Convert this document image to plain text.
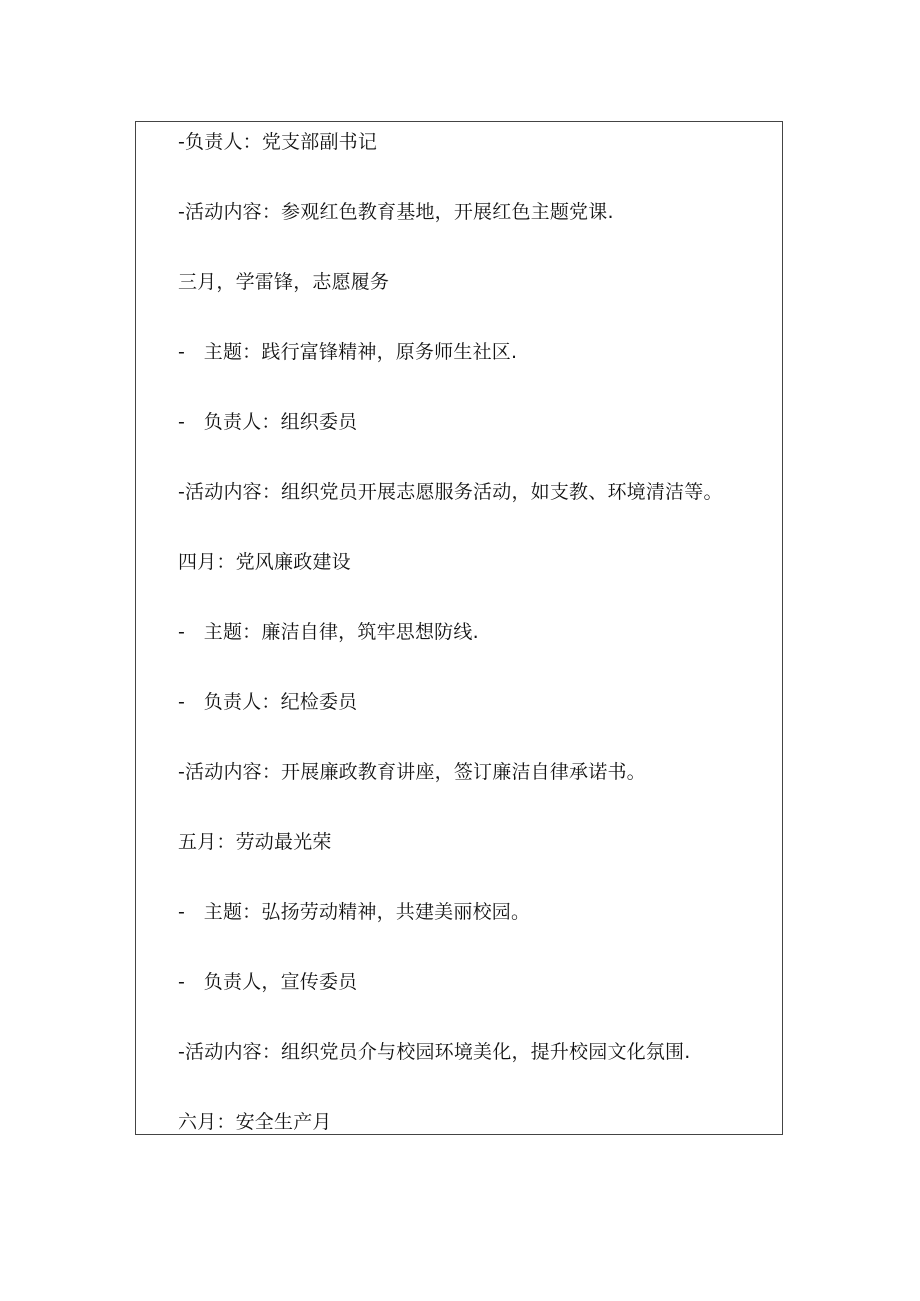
-负责人：党支部副书记
-活动内容：参观红色教育基地，开展红色主题党课.
三月，学雷锋，志愿履务
-   主题：践行富锋精神，原务师生社区.
-   负责人：组织委员
-活动内容：组织党员开展志愿服务活动，如支教、环境清洁等。
四月：党风廉政建设
-   主题：廉洁自律，筑牢思想防线.
-   负责人：纪检委员
-活动内容：开展廉政教育讲座，签订廉洁自律承诺书。
五月：劳动最光荣
-   主题：弘扬劳动精神，共建美丽校园。
-   负责人，宣传委员
-活动内容：组织党员介与校园环境美化，提升校园文化氛围.
六月：安全生产月
